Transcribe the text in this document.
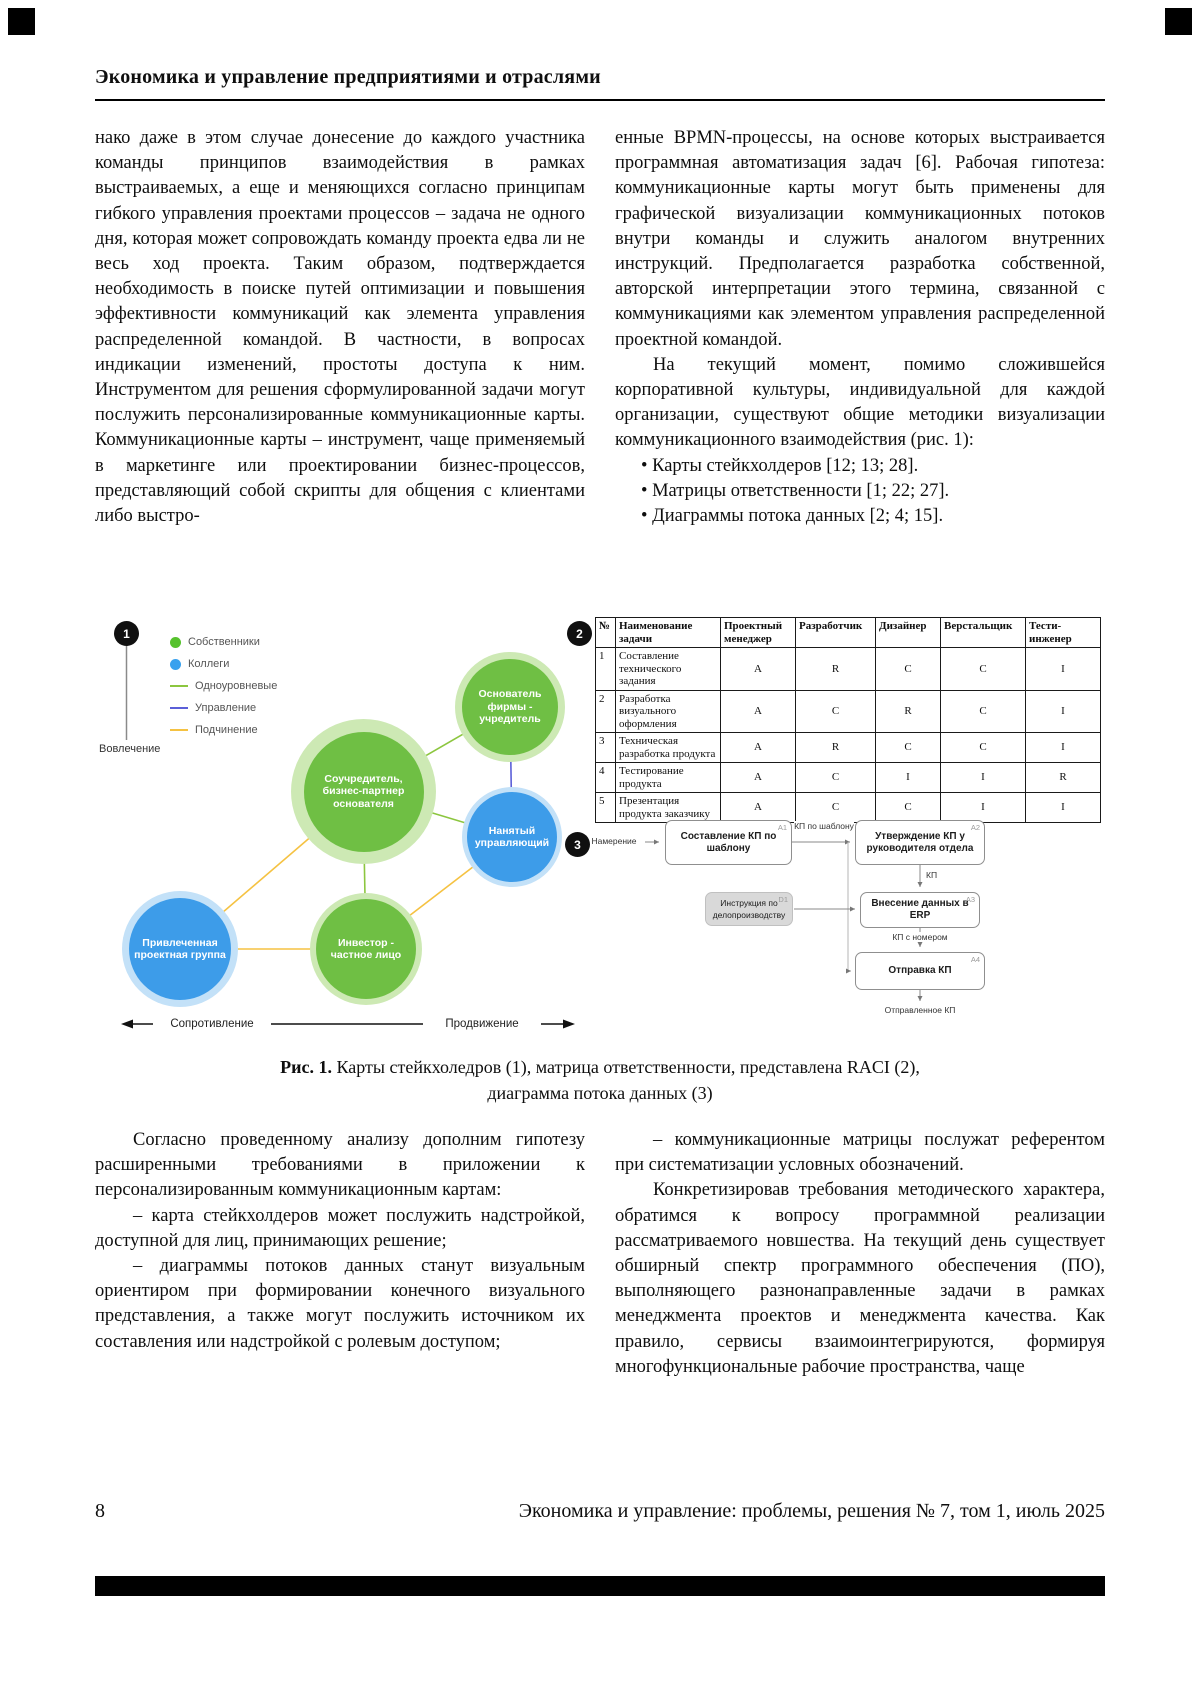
Экономика и управление предприятиями и отраслями

нако даже в этом случае донесение до каждого участника команды принципов взаимодействия в рамках выстраиваемых, а еще и меняющихся согласно принципам гибкого управления проектами процессов – задача не одного дня, которая может сопровождать команду проекта едва ли не весь ход проекта. Таким образом, подтверждается необходимость в поиске путей оптимизации и повышения эффективности коммуникаций как элемента управления распределенной командой. В частности, в вопросах индикации изменений, простоты доступа к ним. Инструментом для решения сформулированной задачи могут послужить персонализированные коммуникационные карты. Коммуникационные карты – инструмент, чаще применяемый в маркетинге или проектировании бизнес-процессов, представляющий собой скрипты для общения с клиентами либо выстро-

енные BPMN-процессы, на основе которых выстраивается программная автоматизация задач [6]. Рабочая гипотеза: коммуникационные карты могут быть применены для графической визуализации коммуникационных потоков внутри команды и служить аналогом внутренних инструкций. Предполагается разработка собственной, авторской интерпретации этого термина, связанной с коммуникациями как элементом управления распределенной проектной командой.

На текущий момент, помимо сложившейся корпоративной культуры, индивидуальной для каждой организации, существуют общие методики визуализации коммуникационного взаимодействия (рис. 1):

• Карты стейкхолдеров [12; 13; 28].

• Матрицы ответственности [1; 22; 27].

• Диаграммы потока данных [2; 4; 15].

1
Вовлечение
Собственники
Коллеги
Одноуровневые
Управление
Подчинение
Основатель фирмы - учредитель
Соучредитель, бизнес-партнер основателя
Нанятый управляющий
Привлеченная проектная группа
Инвестор - частное лицо
Сопротивление	Продвижение
2
№	Наименование задачи	Проектный менеджер	Разработчик	Дизайнер	Верстальщик	Тести-инженер
1	Составление технического задания	A	R	C	C	I
2	Разработка визуального оформления	A	C	R	C	I
3	Техническая разработка продукта	A	R	C	C	I
4	Тестирование продукта	A	C	I	I	R
5	Презентация продукта заказчику	A	C	C	I	I
3	Намерение
A1
Составление КП по шаблону
A2
Утверждение КП у руководителя отдела
A3
Внесение данных в ERP
D1
Инструкция по делопроизводству
A4
Отправка КП
КП по шаблону
КП
КП с номером
Отправленное КП

Рис. 1. Карты стейкхоледров (1), матрица ответственности, представлена RACI (2), диаграмма потока данных (3)

Согласно проведенному анализу дополним гипотезу расширенными требованиями в приложении к персонализированным коммуникационным картам:

– карта стейкхолдеров может послужить надстройкой, доступной для лиц, принимающих решение;

– диаграммы потоков данных станут визуальным ориентиром при формировании конечного визуального представления, а также могут послужить источником их составления или надстройкой с ролевым доступом;

– коммуникационные матрицы послужат референтом при систематизации условных обозначений.

Конкретизировав требования методического характера, обратимся к вопросу программной реализации рассматриваемого новшества. На текущий день существует обширный спектр программного обеспечения (ПО), выполняющего разнонаправленные задачи в рамках менеджмента проектов и менеджмента качества. Как правило, сервисы взаимоинтегрируются, формируя многофункциональные рабочие пространства, чаще

8	Экономика и управление: проблемы, решения № 7, том 1, июль 2025
